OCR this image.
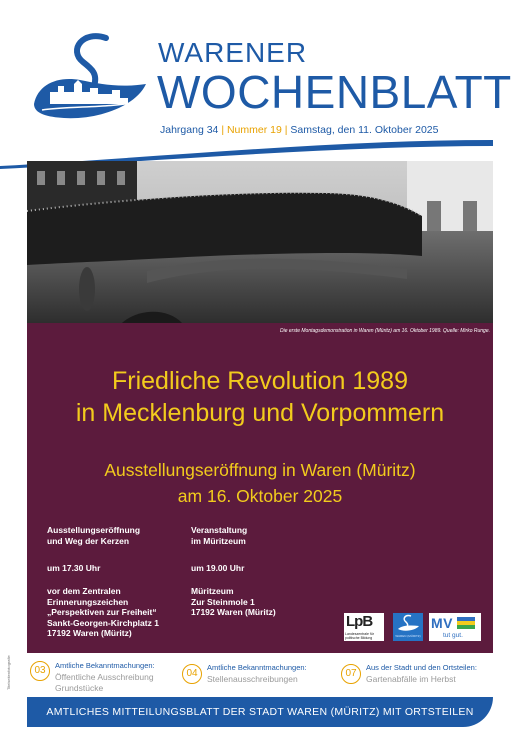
WARENER
WOCHENBLATT
Jahrgang 34 | Nummer 19 | Samstag, den 11. Oktober 2025
Die erste Montagsdemonstration in Waren (Müritz) am 16. Oktober 1989. Quelle: Mirko Runge.
Friedliche Revolution 1989
in Mecklenburg und Vorpommern
Ausstellungseröffnung in Waren (Müritz)
am 16. Oktober 2025
Ausstellungseröffnung
und Weg der Kerzen
um 17.30 Uhr
vor dem Zentralen
Erinnerungszeichen
„Perspektiven zur Freiheit“
Sankt-Georgen-Kirchplatz 1
17192 Waren (Müritz)
Veranstaltung
im Müritzeum
um 19.00 Uhr
Müritzeum
Zur Steinmole 1
17192 Waren (Müritz)
LpB
Landeszentrale für politische Bildung	WAREN (MÜRITZ)
MV
tut gut.
03	Amtliche Bekanntmachungen:
Öffentliche Ausschreibung
Grundstücke
04
Amtliche Bekanntmachungen:
Stellenausschreibungen	07
Aus der Stadt und den Ortsteilen:
Gartenabfälle im Herbst
AMTLICHES MITTEILUNGSBLATT DER STADT WAREN (MÜRITZ) MIT ORTSTEILEN
Titelseitenfotografie
